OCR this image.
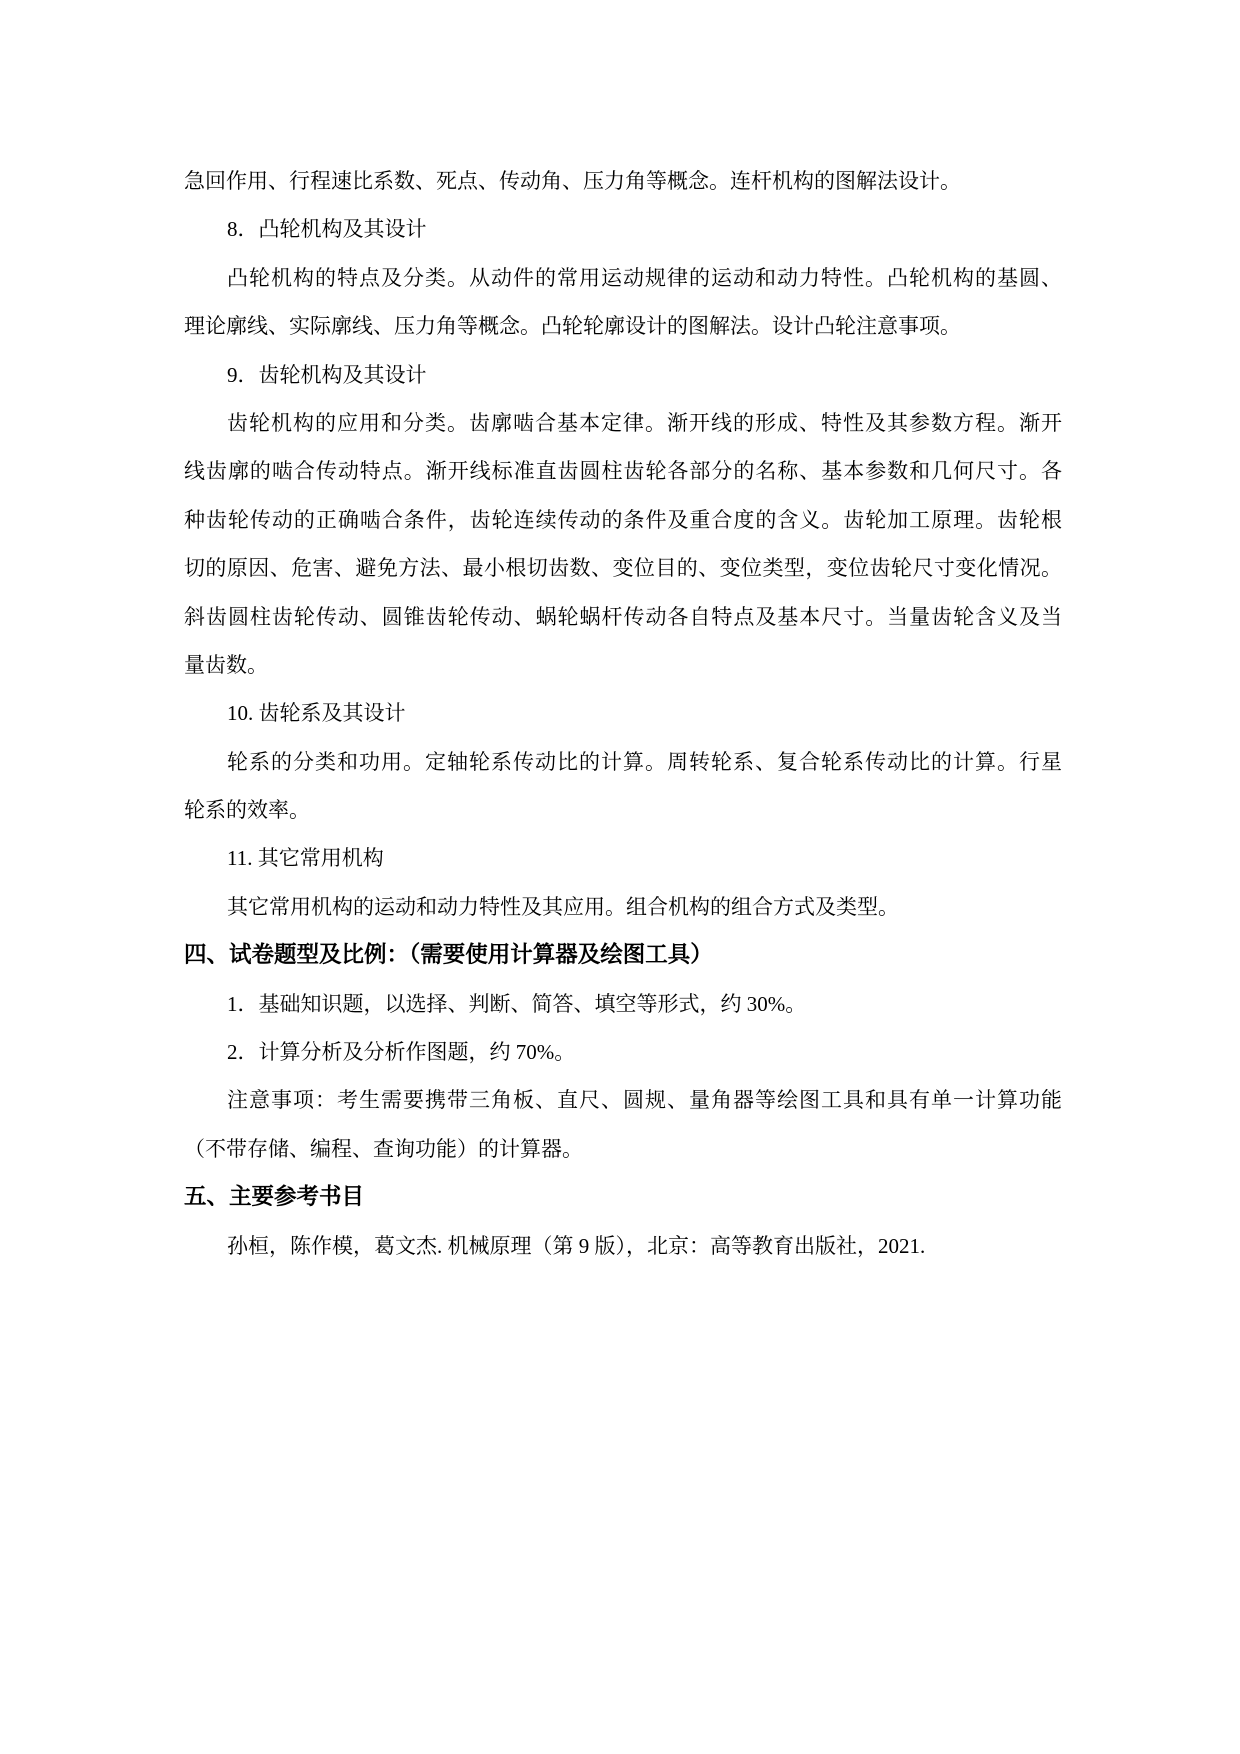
急回作用、行程速比系数、死点、传动角、压力角等概念。连杆机构的图解法设计。
8．凸轮机构及其设计
凸轮机构的特点及分类。从动件的常用运动规律的运动和动力特性。凸轮机构的基圆、
理论廓线、实际廓线、压力角等概念。凸轮轮廓设计的图解法。设计凸轮注意事项。
9．齿轮机构及其设计
齿轮机构的应用和分类。齿廓啮合基本定律。渐开线的形成、特性及其参数方程。渐开
线齿廓的啮合传动特点。渐开线标准直齿圆柱齿轮各部分的名称、基本参数和几何尺寸。各
种齿轮传动的正确啮合条件，齿轮连续传动的条件及重合度的含义。齿轮加工原理。齿轮根
切的原因、危害、避免方法、最小根切齿数、变位目的、变位类型，变位齿轮尺寸变化情况。
斜齿圆柱齿轮传动、圆锥齿轮传动、蜗轮蜗杆传动各自特点及基本尺寸。当量齿轮含义及当
量齿数。
10. 齿轮系及其设计
轮系的分类和功用。定轴轮系传动比的计算。周转轮系、复合轮系传动比的计算。行星
轮系的效率。
11. 其它常用机构
其它常用机构的运动和动力特性及其应用。组合机构的组合方式及类型。
四、试卷题型及比例：（需要使用计算器及绘图工具）
1．基础知识题，以选择、判断、简答、填空等形式，约 30%。
2．计算分析及分析作图题，约 70%。
注意事项：考生需要携带三角板、直尺、圆规、量角器等绘图工具和具有单一计算功能
（不带存储、编程、查询功能）的计算器。
五、主要参考书目
孙桓，陈作模，葛文杰. 机械原理（第 9 版），北京：高等教育出版社，2021.
